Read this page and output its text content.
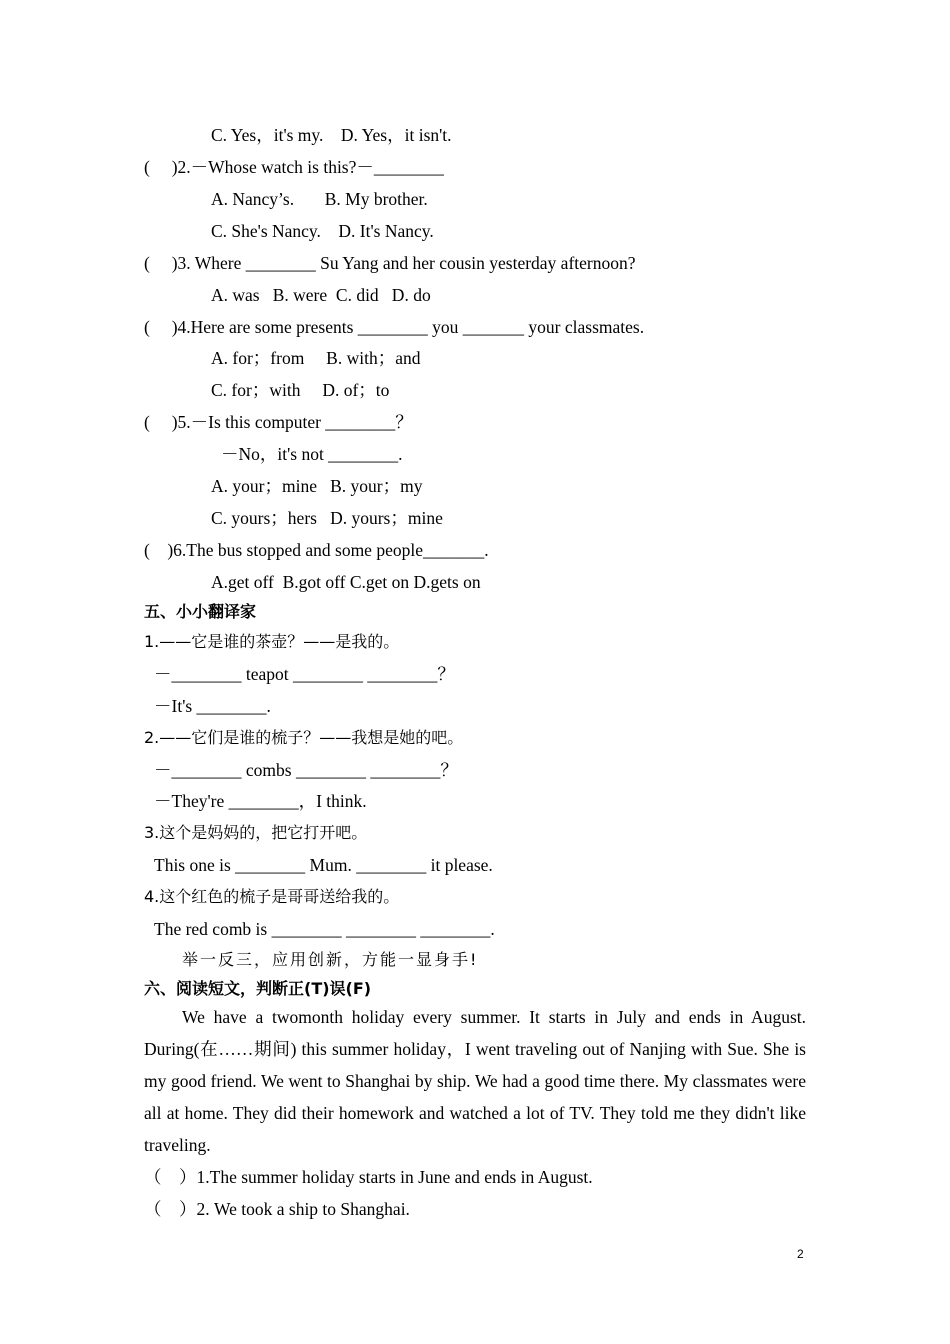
C. Yes，it's my.    D. Yes，it isn't.
(     )2.－Whose watch is this?－________
A. Nancy’s.       B. My brother.
C. She's Nancy.    D. It's Nancy.
(     )3. Where ________ Su Yang and her cousin yesterday afternoon?
A. was   B. were  C. did   D. do
(     )4.Here are some presents ________ you _______ your classmates.
A. for；from     B. with；and
C. for；with     D. of；to
(     )5.－Is this computer ________？
－No，it's not ________.
A. your；mine   B. your；my
C. yours；hers   D. yours；mine
(    )6.The bus stopped and some people_______.
A.get off  B.got off C.get on D.gets on
五、小小翻译家
1.——它是谁的茶壶？——是我的。
－________ teapot ________ ________？
－It's ________.
2.——它们是谁的梳子？——我想是她的吧。
－________ combs ________ ________？
－They're ________，I think.
3.这个是妈妈的，把它打开吧。
This one is ________ Mum. ________ it please.
4.这个红色的梳子是哥哥送给我的。
The red comb is ________ ________ ________.
举一反三，应用创新，方能一显身手!
六、阅读短文，判断正(T)误(F)
We have a twomonth holiday every summer. It starts in July and ends in August. During(在……期间) this summer holiday，I went traveling out of Nanjing with Sue. She is my good friend. We went to Shanghai by ship. We had a good time there. My classmates were all at home. They did their homework and watched a lot of TV. They told me they didn't like traveling.
（    ）1.The summer holiday starts in June and ends in August.
（    ）2. We took a ship to Shanghai.
2
